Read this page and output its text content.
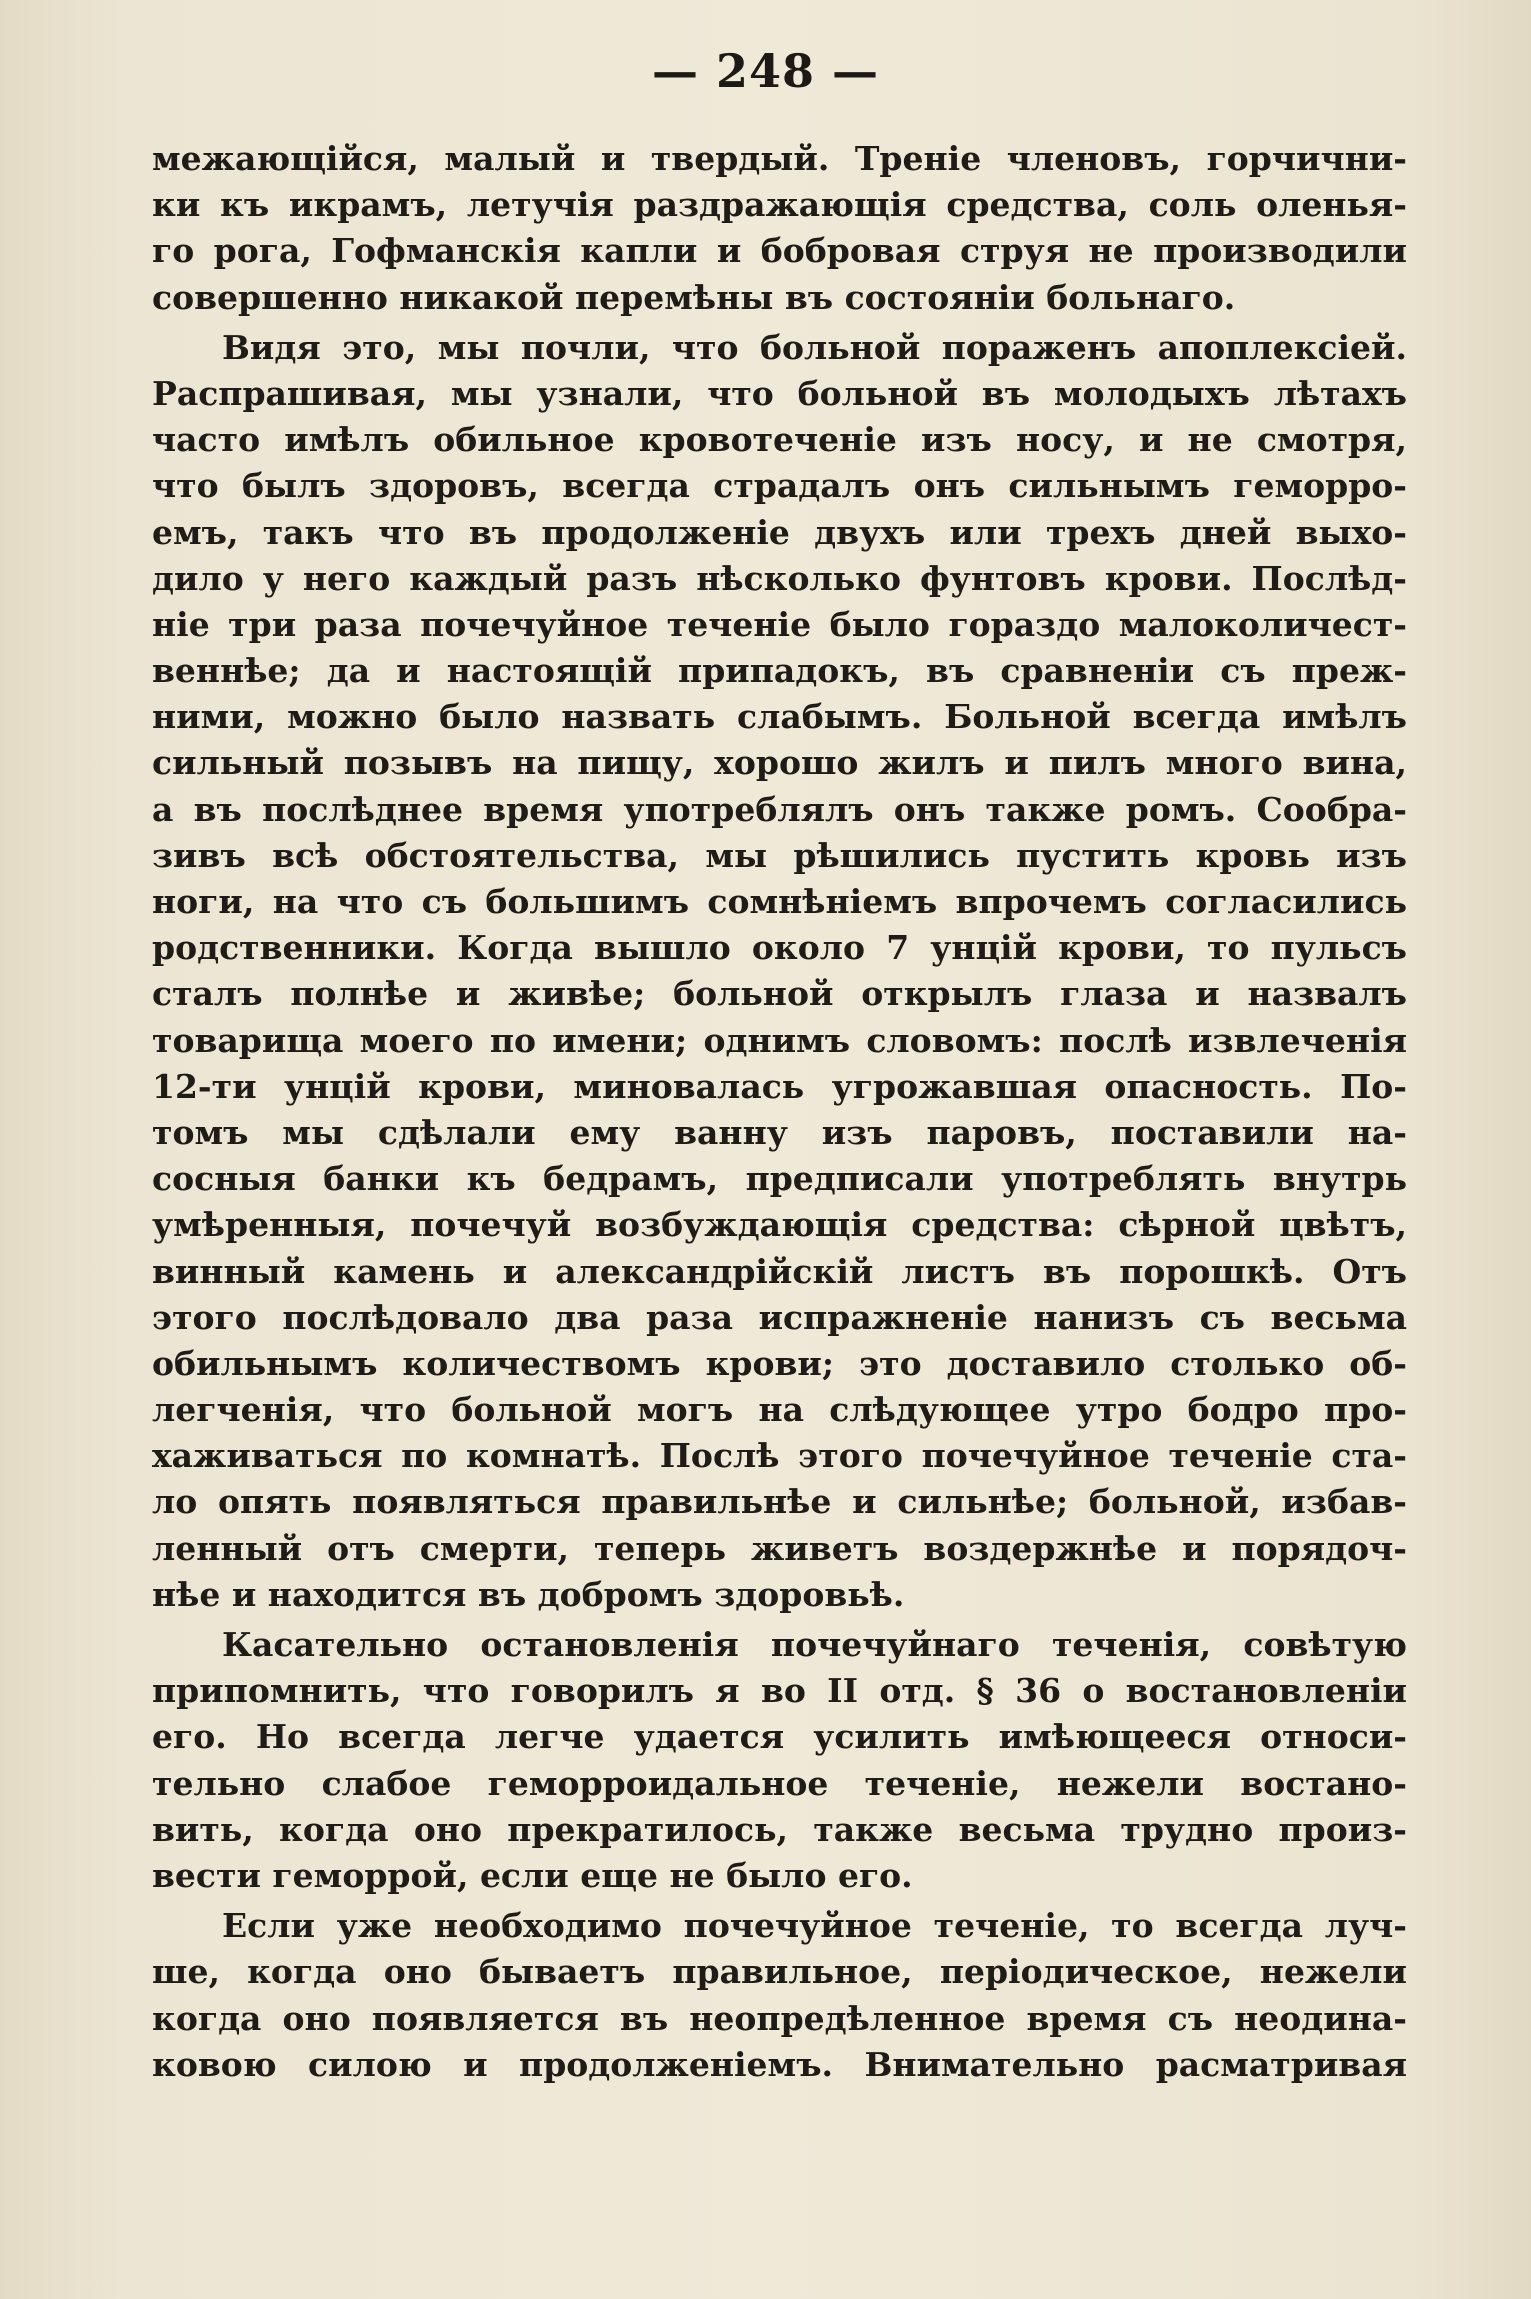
— 248 —
межающійся, малый и твердый. Треніе членовъ, горчични-
ки къ икрамъ, летучія раздражающія средства, соль оленья-
го рога, Гофманскія капли и бобровая струя не производили
совершенно никакой перемѣны въ состояніи больнаго.
Видя это, мы почли, что больной пораженъ апоплексіей.
Распрашивая, мы узнали, что больной въ молодыхъ лѣтахъ
часто имѣлъ обильное кровотеченіе изъ носу, и не смотря,
что былъ здоровъ, всегда страдалъ онъ сильнымъ геморро-
емъ, такъ что въ продолженіе двухъ или трехъ дней выхо-
дило у него каждый разъ нѣсколько фунтовъ крови. Послѣд-
ніе три раза почечуйное теченіе было гораздо малоколичест-
веннѣе; да и настоящій припадокъ, въ сравненіи съ преж-
ними, можно было назвать слабымъ. Больной всегда имѣлъ
сильный позывъ на пищу, хорошо жилъ и пилъ много вина,
а въ послѣднее время употреблялъ онъ также ромъ. Сообра-
зивъ всѣ обстоятельства, мы рѣшились пустить кровь изъ
ноги, на что съ большимъ сомнѣніемъ впрочемъ согласились
родственники. Когда вышло около 7 унцій крови, то пульсъ
сталъ полнѣе и живѣе; больной открылъ глаза и назвалъ
товарища моего по имени; однимъ словомъ: послѣ извлеченія
12-ти унцій крови, миновалась угрожавшая опасность. По-
томъ мы сдѣлали ему ванну изъ паровъ, поставили на-
сосныя банки къ бедрамъ, предписали употреблять внутрь
умѣренныя, почечуй возбуждающія средства: сѣрной цвѣтъ,
винный камень и александрійскій листъ въ порошкѣ. Отъ
этого послѣдовало два раза испражненіе нанизъ съ весьма
обильнымъ количествомъ крови; это доставило столько об-
легченія, что больной могъ на слѣдующее утро бодро про-
хаживаться по комнатѣ. Послѣ этого почечуйное теченіе ста-
ло опять появляться правильнѣе и сильнѣе; больной, избав-
ленный отъ смерти, теперь живетъ воздержнѣе и порядоч-
нѣе и находится въ добромъ здоровьѣ.
Касательно остановленія почечуйнаго теченія, совѣтую
припомнить, что говорилъ я во II отд. § 36 о востановленіи
его. Но всегда легче удается усилить имѣющееся относи-
тельно слабое геморроидальное теченіе, нежели востано-
вить, когда оно прекратилось, также весьма трудно произ-
вести геморрой, если еще не было его.
Если уже необходимо почечуйное теченіе, то всегда луч-
ше, когда оно бываетъ правильное, періодическое, нежели
когда оно появляется въ неопредѣленное время съ неодина-
ковою силою и продолженіемъ. Внимательно расматривая
